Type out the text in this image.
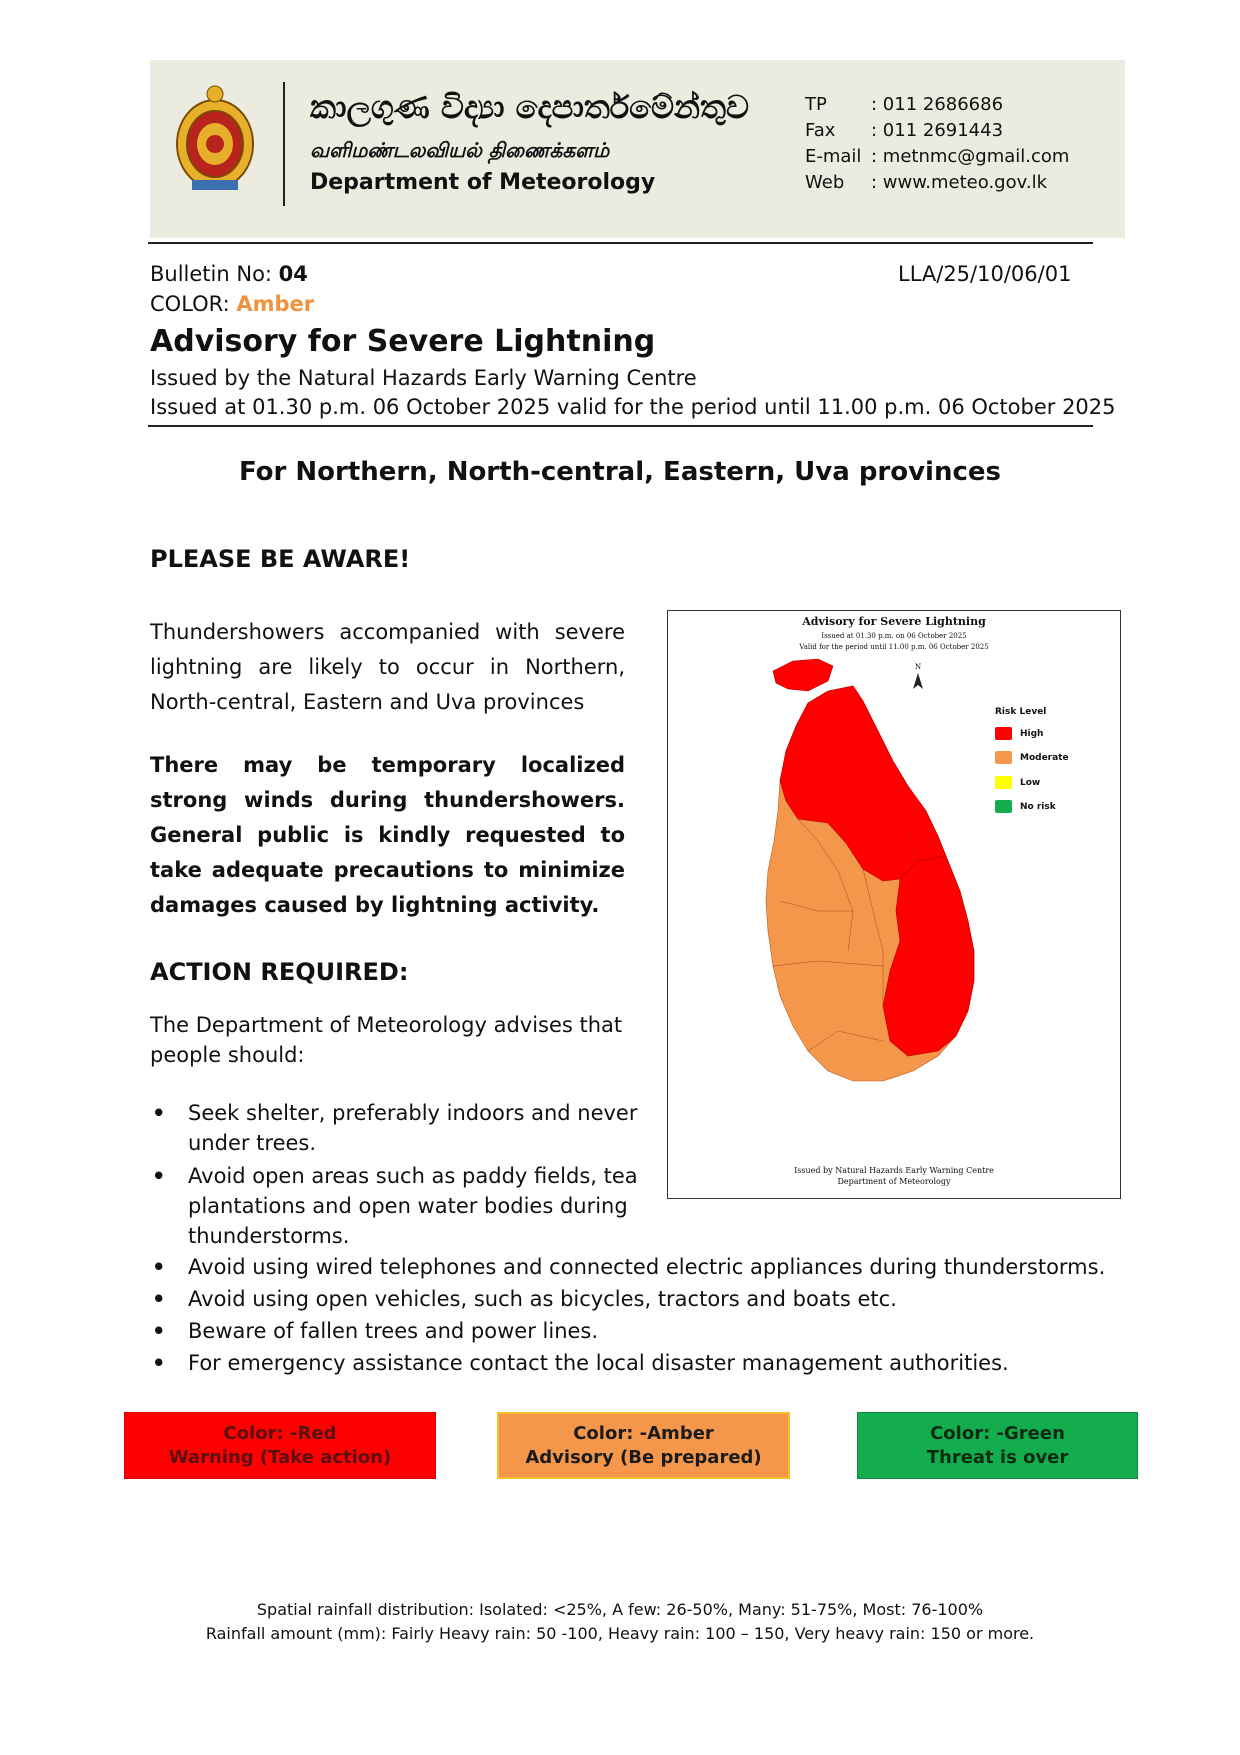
කාලගුණ විද්‍යා දෙපාර්තමේන්තුව
வளிமண்டலவியல் திணைக்களம்
Department of Meteorology
TP : 011 2686686
Fax : 011 2691443
E-mail : metnmc@gmail.com
Web : www.meteo.gov.lk
Bulletin No: 04	LLA/25/10/06/01
COLOR: Amber
Advisory for Severe Lightning
Issued by the Natural Hazards Early Warning Centre
Issued at 01.30 p.m. 06 October 2025 valid for the period until 11.00 p.m. 06 October 2025
For Northern, North-central, Eastern, Uva provinces
PLEASE BE AWARE!
Thundershowers accompanied with severe lightning are likely to occur in Northern, North-central, Eastern and Uva provinces
There may be temporary localized strong winds during thundershowers. General public is kindly requested to take adequate precautions to minimize damages caused by lightning activity.
ACTION REQUIRED:
The Department of Meteorology advises that people should:
• Seek shelter, preferably indoors and never
under trees.
• Avoid open areas such as paddy fields, tea
plantations and open water bodies during
thunderstorms.
• Avoid using wired telephones and connected electric appliances during thunderstorms.
• Avoid using open vehicles, such as bicycles, tractors and boats etc.
• Beware of fallen trees and power lines.
• For emergency assistance contact the local disaster management authorities.
N
Advisory for Severe Lightning
Issued at 01.30 p.m. on 06 October 2025
Valid for the period until 11.00 p.m. 06 October 2025
Risk Level
High
Moderate
Low
No risk
Issued by Natural Hazards Early Warning Centre
Department of Meteorology
Color: -Red
Warning (Take action)
Color: -Amber
Advisory (Be prepared)
Color: -Green
Threat is over
Spatial rainfall distribution: Isolated: <25%, A few: 26-50%, Many: 51-75%, Most: 76-100%
Rainfall amount (mm): Fairly Heavy rain: 50 -100, Heavy rain: 100 – 150, Very heavy rain: 150 or more.
